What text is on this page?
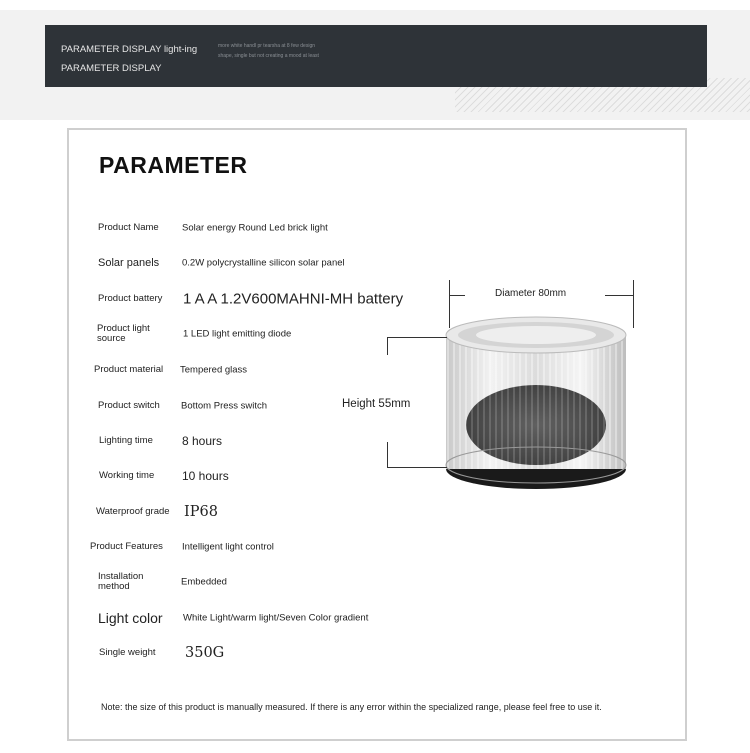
PARAMETER DISPLAY light-ing PARAMETER DISPLAY
more white handl pr tearsha at 8 few design shape, single but not creating a mood at least
PARAMETER
Product Name	Solar energy Round Led brick light
Solar panels	0.2W polycrystalline silicon solar panel
Product battery	1 A A 1.2V600MAHNI-MH battery
Product light source	1 LED light emitting diode
Product material	Tempered glass
Product switch	Bottom Press switch
Lighting time	8 hours
Working time	10 hours
Waterproof grade IP68
Product Features	Intelligent light control
Installation method	Embedded
Light color	White Light/warm light/Seven Color gradient
Single weight	350G
Diameter 80mm
Height 55mm
Note: the size of this product is manually measured. If there is any error within the specialized range, please feel free to use it.
